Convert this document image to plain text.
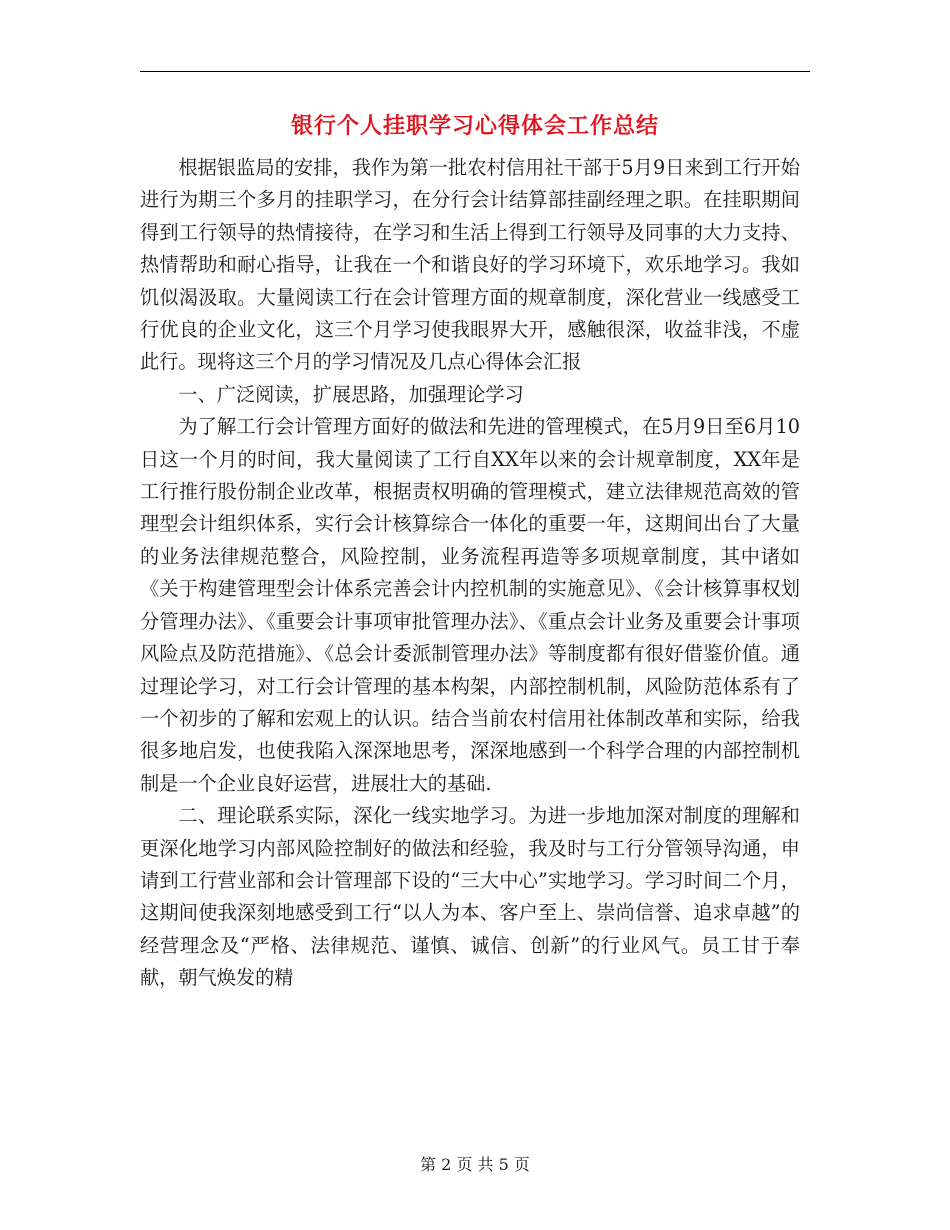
银行个人挂职学习心得体会工作总结

根据银监局的安排，我作为第一批农村信用社干部于5月9日来到工行开始进行为期三个多月的挂职学习，在分行会计结算部挂副经理之职。在挂职期间得到工行领导的热情接待，在学习和生活上得到工行领导及同事的大力支持、热情帮助和耐心指导，让我在一个和谐良好的学习环境下，欢乐地学习。我如饥似渴汲取。大量阅读工行在会计管理方面的规章制度，深化营业一线感受工行优良的企业文化，这三个月学习使我眼界大开，感触很深，收益非浅，不虚此行。现将这三个月的学习情况及几点心得体会汇报

一、广泛阅读，扩展思路，加强理论学习

为了解工行会计管理方面好的做法和先进的管理模式，在5月9日至6月10日这一个月的时间，我大量阅读了工行自XX年以来的会计规章制度，XX年是工行推行股份制企业改革，根据责权明确的管理模式，建立法律规范高效的管理型会计组织体系，实行会计核算综合一体化的重要一年，这期间出台了大量的业务法律规范整合，风险控制，业务流程再造等多项规章制度，其中诸如《关于构建管理型会计体系完善会计内控机制的实施意见》、《会计核算事权划分管理办法》、《重要会计事项审批管理办法》、《重点会计业务及重要会计事项风险点及防范措施》、《总会计委派制管理办法》等制度都有很好借鉴价值。通过理论学习，对工行会计管理的基本构架，内部控制机制，风险防范体系有了一个初步的了解和宏观上的认识。结合当前农村信用社体制改革和实际，给我很多地启发，也使我陷入深深地思考，深深地感到一个科学合理的内部控制机制是一个企业良好运营，进展壮大的基础.

二、理论联系实际，深化一线实地学习。为进一步地加深对制度的理解和更深化地学习内部风险控制好的做法和经验，我及时与工行分管领导沟通，申请到工行营业部和会计管理部下设的“三大中心”实地学习。学习时间二个月，这期间使我深刻地感受到工行“以人为本、客户至上、崇尚信誉、追求卓越”的经营理念及“严格、法律规范、谨慎、诚信、创新”的行业风气。员工甘于奉献，朝气焕发的精

第 2 页 共 5 页
